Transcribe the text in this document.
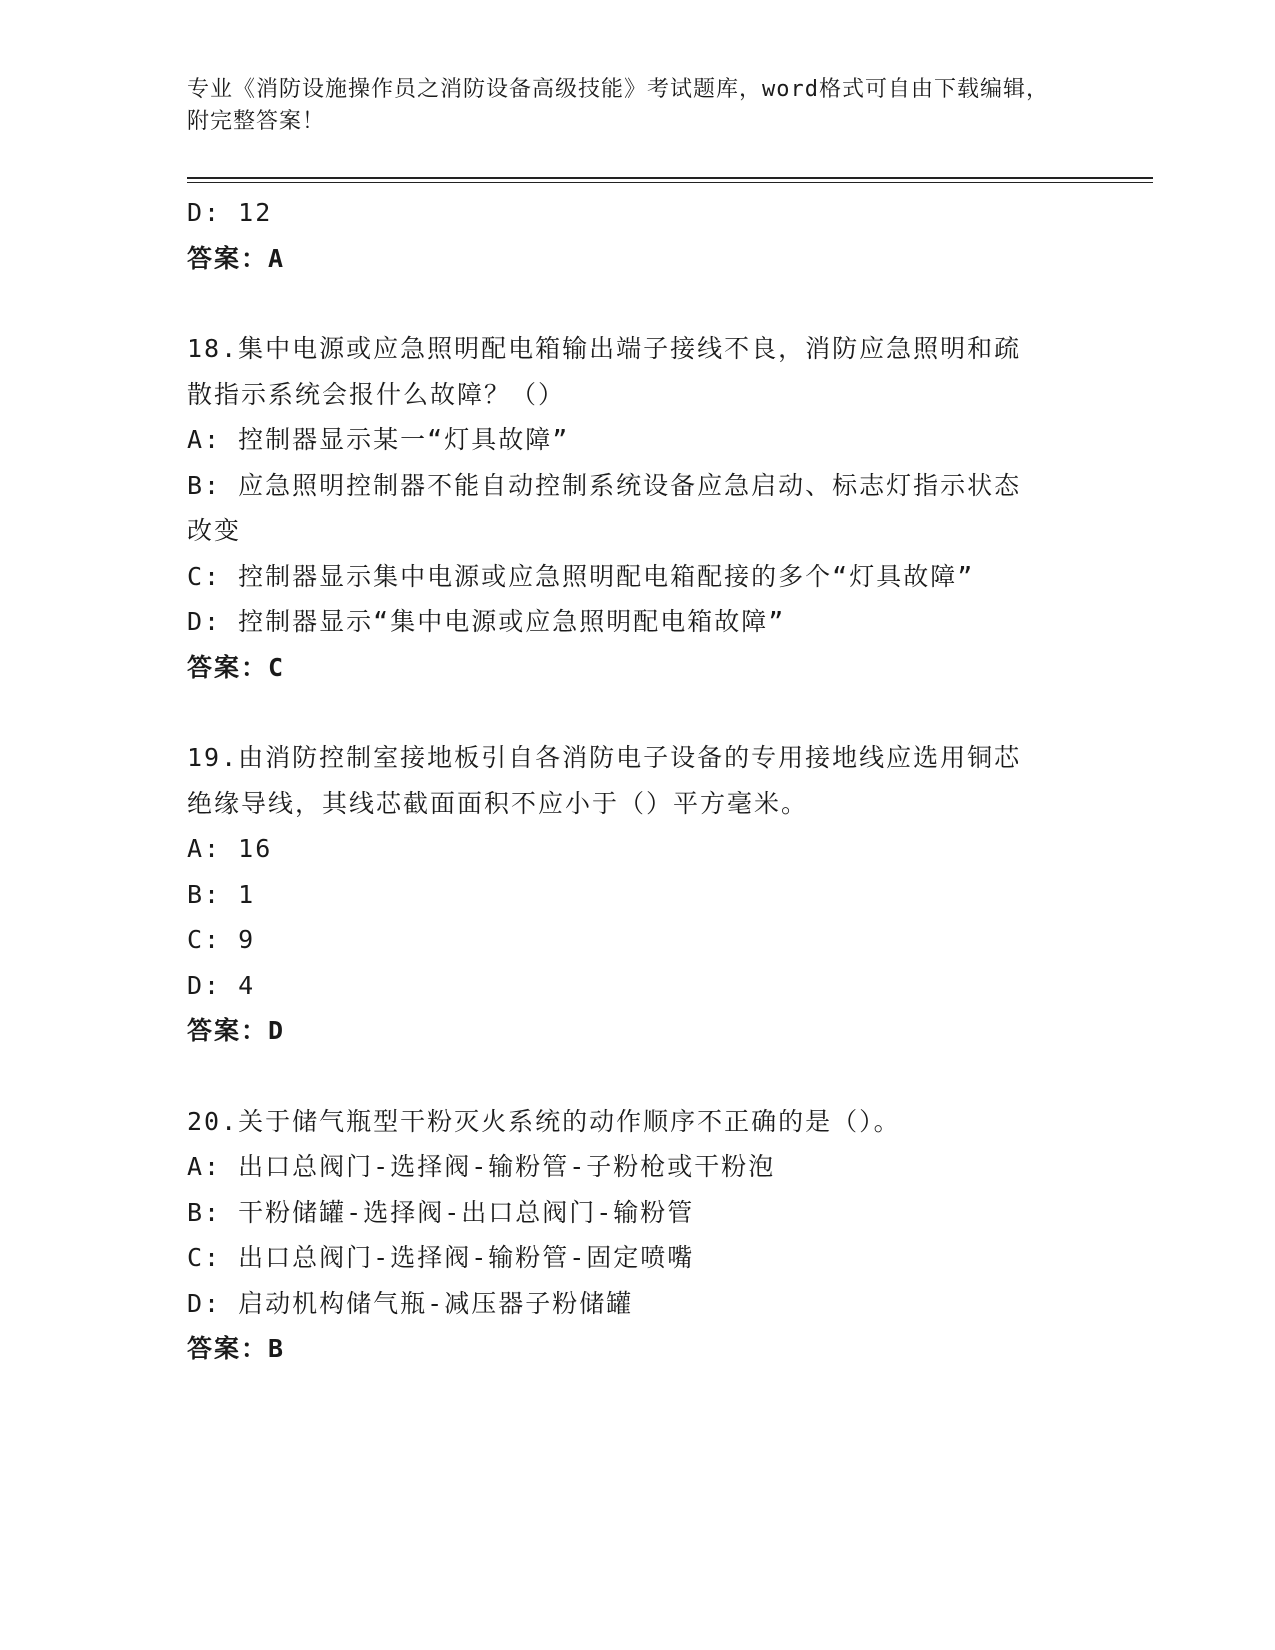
专业《消防设施操作员之消防设备高级技能》考试题库，word格式可自由下载编辑，附完整答案！
D: 12
答案：A
18.集中电源或应急照明配电箱输出端子接线不良，消防应急照明和疏
散指示系统会报什么故障？（）
A: 控制器显示某一“灯具故障”
B: 应急照明控制器不能自动控制系统设备应急启动、标志灯指示状态
改变
C: 控制器显示集中电源或应急照明配电箱配接的多个“灯具故障”
D: 控制器显示“集中电源或应急照明配电箱故障”
答案：C
19.由消防控制室接地板引自各消防电子设备的专用接地线应选用铜芯
绝缘导线，其线芯截面面积不应小于（）平方毫米。
A: 16
B: 1
C: 9
D: 4
答案：D
20.关于储气瓶型干粉灭火系统的动作顺序不正确的是（）。
A: 出口总阀门-选择阀-输粉管-子粉枪或干粉泡
B: 干粉储罐-选择阀-出口总阀门-输粉管
C: 出口总阀门-选择阀-输粉管-固定喷嘴
D: 启动机构储气瓶-减压器子粉储罐
答案：B
